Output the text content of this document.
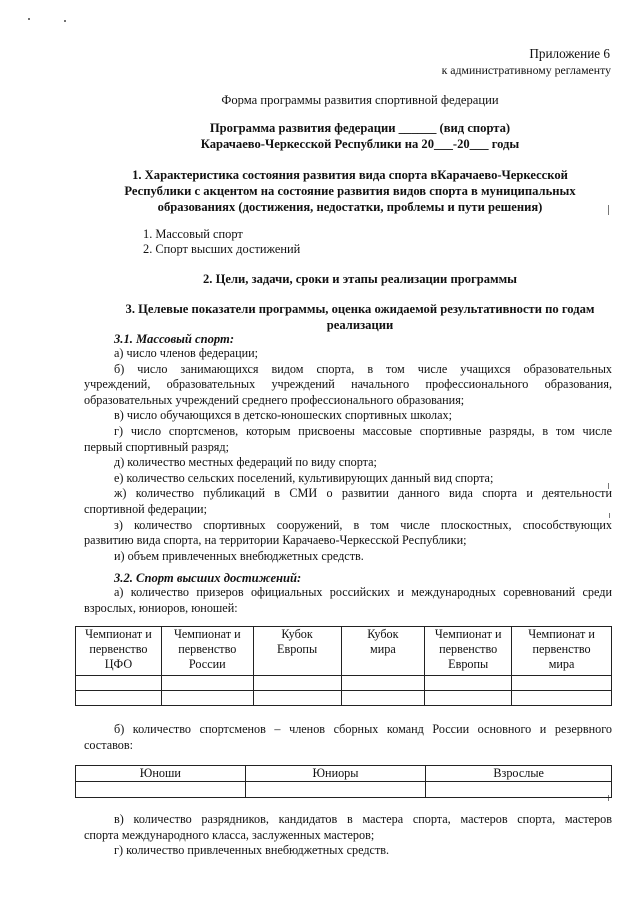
Приложение 6
к административному регламенту
Форма программы развития спортивной федерации
Программа развития федерации ______ (вид спорта)
Карачаево-Черкесской Республики на 20___-20___ годы
1. Характеристика состояния развития вида спорта вКарачаево-Черкесской
Республики с акцентом на состояние развития видов спорта в муниципальных
образованиях (достижения, недостатки, проблемы и пути решения)
1. Массовый спорт
2. Спорт высших достижений
2. Цели, задачи, сроки и этапы реализации программы
3. Целевые показатели программы, оценка ожидаемой результативности по годам
реализации
3.1. Массовый спорт:
а) число членов федерации;
б) число занимающихся видом спорта, в том числе учащихся образовательных
учреждений, образовательных учреждений начального профессионального образования,
образовательных учреждений среднего профессионального образования;
в) число обучающихся в детско-юношеских спортивных школах;
г) число спортсменов, которым присвоены массовые спортивные разряды, в том числе
первый спортивный разряд;
д) количество местных федераций по виду спорта;
е) количество сельских поселений, культивирующих данный вид спорта;
ж) количество публикаций в СМИ о развитии данного вида спорта и деятельности
спортивной федерации;
з) количество спортивных сооружений, в том числе плоскостных, способствующих
развитию вида спорта, на территории Карачаево-Черкесской Республики;
и) объем привлеченных внебюджетных средств.
3.2. Спорт высших достижений:
а) количество призеров официальных российских и международных соревнований среди
взрослых, юниоров, юношей:
Чемпионат и
первенство
ЦФО	Чемпионат и
первенство
России	Кубок
Европы	Кубок
мира	Чемпионат и
первенство
Европы	Чемпионат и
первенство
мира

б) количество спортсменов – членов сборных команд России основного и резервного
составов:
Юноши	Юниоры	Взрослые

в) количество разрядников, кандидатов в мастера спорта, мастеров спорта, мастеров
спорта международного класса, заслуженных мастеров;
г) количество привлеченных внебюджетных средств.
